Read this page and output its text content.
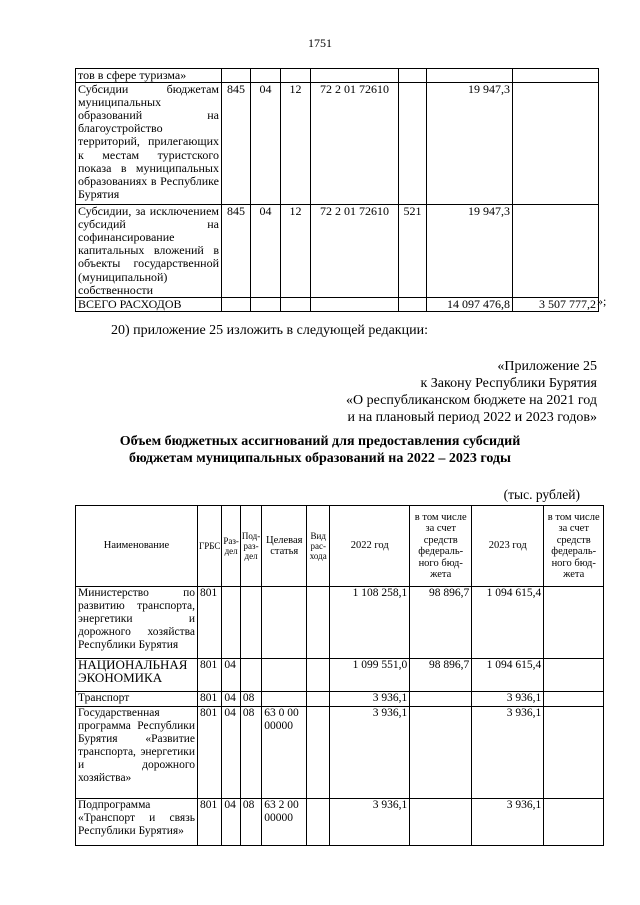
1751
тов в сфере туризма»							
Субсидии бюджетам муниципальных образований на благоустройство территорий, прилегающих к местам туристского показа в муниципальных образованиях в Республике Бурятия	845	04	12	72 2 01 72610		19 947,3	
Субсидии, за исключением субсидий на софинансирование капитальных вложений в объекты государственной (муниципальной) собственности	845	04	12	72 2 01 72610	521	19 947,3	
ВСЕГО РАСХОДОВ						14 097 476,8	3 507 777,2 »;
20) приложение 25 изложить в следующей редакции:
«Приложение 25
к Закону Республики Бурятия
«О республиканском бюджете на 2021 год
и на плановый период 2022 и 2023 годов»
Объем бюджетных ассигнований для предоставления субсидий
бюджетам муниципальных образований на 2022 – 2023 годы
(тыс. рублей)
Наименование	ГРБС	Раз-дел	Под-раз-дел	Целевая статья	Вид рас-хода	2022 год	в том числе за счет средств федераль-ного бюд-жета	2023 год	в том числе за счет средств федераль-ного бюд-жета
Министерство по развитию транспорта, энергетики и дорожного хозяйства Республики Бурятия	801					1 108 258,1	98 896,7	1 094 615,4	
НАЦИОНАЛЬНАЯ ЭКОНОМИКА	801	04				1 099 551,0	98 896,7	1 094 615,4	
Транспорт	801	04	08			3 936,1		3 936,1	
Государственная программа Республики Бурятия «Развитие транспорта, энергетики и дорожного хозяйства»	801	04	08	63 0 00 00000		3 936,1		3 936,1	
Подпрограмма «Транспорт и связь Республики Бурятия»	801	04	08	63 2 00 00000		3 936,1		3 936,1	
